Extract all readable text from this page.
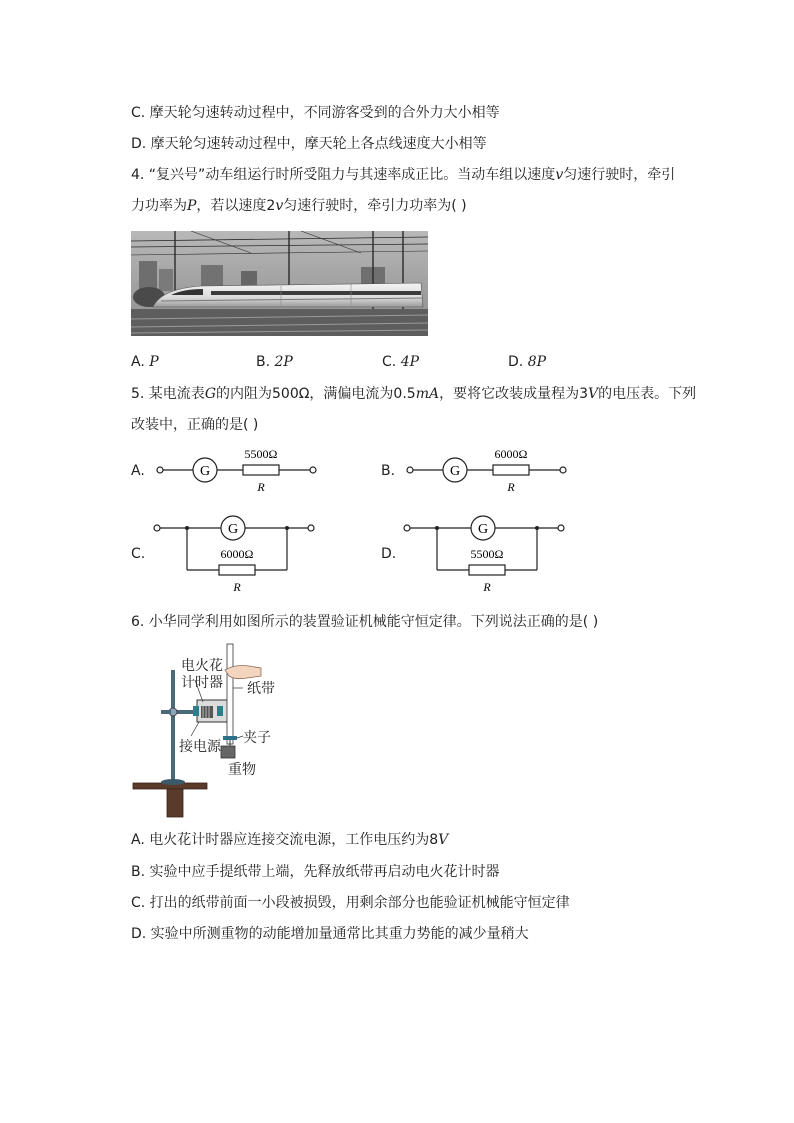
C. 摩天轮匀速转动过程中，不同游客受到的合外力大小相等
D. 摩天轮匀速转动过程中，摩天轮上各点线速度大小相等
4. “复兴号”动车组运行时所受阻力与其速率成正比。当动车组以速度v匀速行驶时，牵引
力功率为P，若以速度2v匀速行驶时，牵引力功率为( )
A. P	B. 2P	C. 4P	D. 8P
5. 某电流表G的内阻为500Ω，满偏电流为0.5mA，要将它改装成量程为3V的电压表。下列
改装中，正确的是( )
A.	G
5500Ω
R
B.	G
6000Ω
R
C.
G
6000Ω
R
D.
G
5500Ω
R
6. 小华同学利用如图所示的装置验证机械能守恒定律。下列说法正确的是( )
电火花
计时器 纸带
接电源
夹子
重物
A. 电火花计时器应连接交流电源，工作电压约为8V
B. 实验中应手提纸带上端，先释放纸带再启动电火花计时器
C. 打出的纸带前面一小段被损毁，用剩余部分也能验证机械能守恒定律
D. 实验中所测重物的动能增加量通常比其重力势能的减少量稍大
